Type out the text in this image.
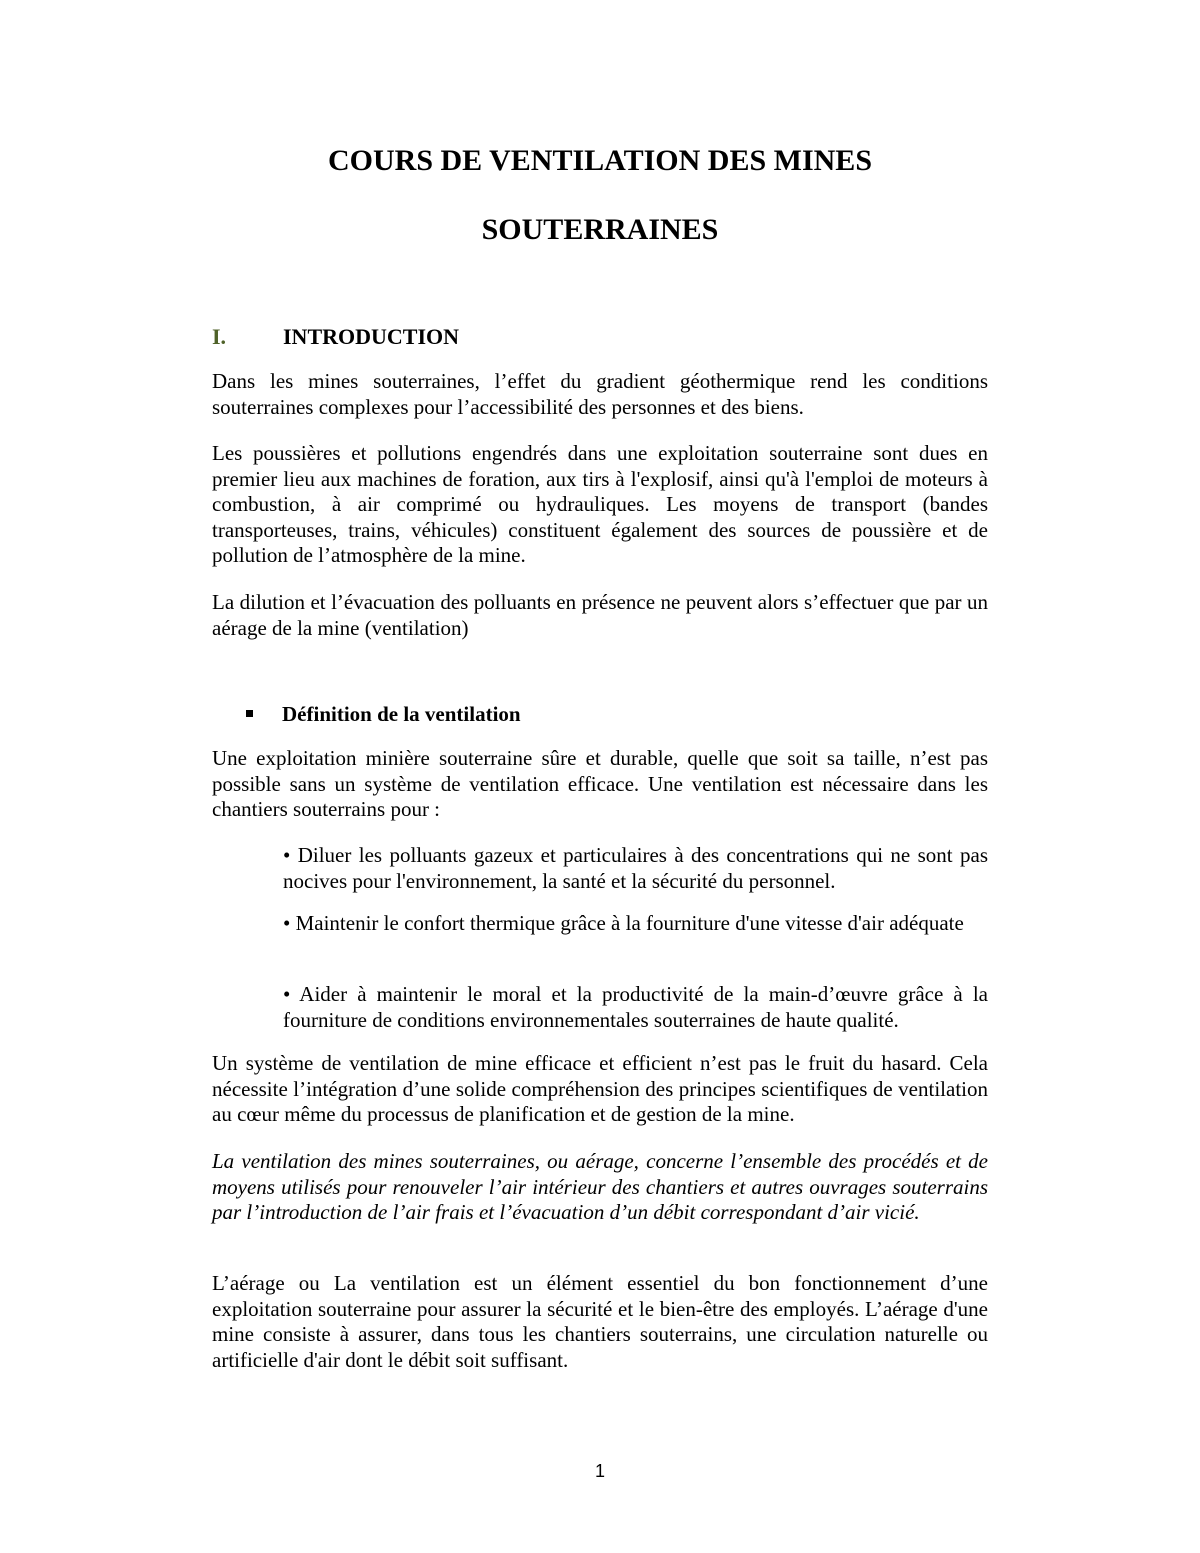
COURS DE VENTILATION DES MINES
SOUTERRAINES
I.	INTRODUCTION

Dans les mines souterraines, l’effet du gradient géothermique rend les conditions souterraines complexes pour l’accessibilité des personnes et des biens.

Les poussières et pollutions engendrés dans une exploitation souterraine sont dues en premier lieu aux machines de foration, aux tirs à l'explosif, ainsi qu'à l'emploi de moteurs à combustion, à air comprimé ou hydrauliques. Les moyens de transport (bandes transporteuses, trains, véhicules) constituent également des sources de poussière et de pollution de l’atmosphère de la mine.

La dilution et l’évacuation des polluants en présence ne peuvent alors s’effectuer que par un aérage de la mine (ventilation)

Définition de la ventilation

Une exploitation minière souterraine sûre et durable, quelle que soit sa taille, n’est pas possible sans un système de ventilation efficace. Une ventilation est nécessaire dans les chantiers souterrains pour :

• Diluer les polluants gazeux et particulaires à des concentrations qui ne sont pas nocives pour l'environnement, la santé et la sécurité du personnel.

• Maintenir le confort thermique grâce à la fourniture d'une vitesse d'air adéquate

• Aider à maintenir le moral et la productivité de la main-d’œuvre grâce à la fourniture de conditions environnementales souterraines de haute qualité.

Un système de ventilation de mine efficace et efficient n’est pas le fruit du hasard. Cela nécessite l’intégration d’une solide compréhension des principes scientifiques de ventilation au cœur même du processus de planification et de gestion de la mine.

La ventilation des mines souterraines, ou aérage, concerne l’ensemble des procédés et de moyens utilisés pour renouveler l’air intérieur des chantiers et autres ouvrages souterrains par l’introduction de l’air frais et l’évacuation d’un débit correspondant d’air vicié.

L’aérage ou La ventilation est un élément essentiel du bon fonctionnement d’une exploitation souterraine pour assurer la sécurité et le bien-être des employés. L’aérage d'une mine consiste à assurer, dans tous les chantiers souterrains, une circulation naturelle ou artificielle d'air dont le débit soit suffisant.

1
